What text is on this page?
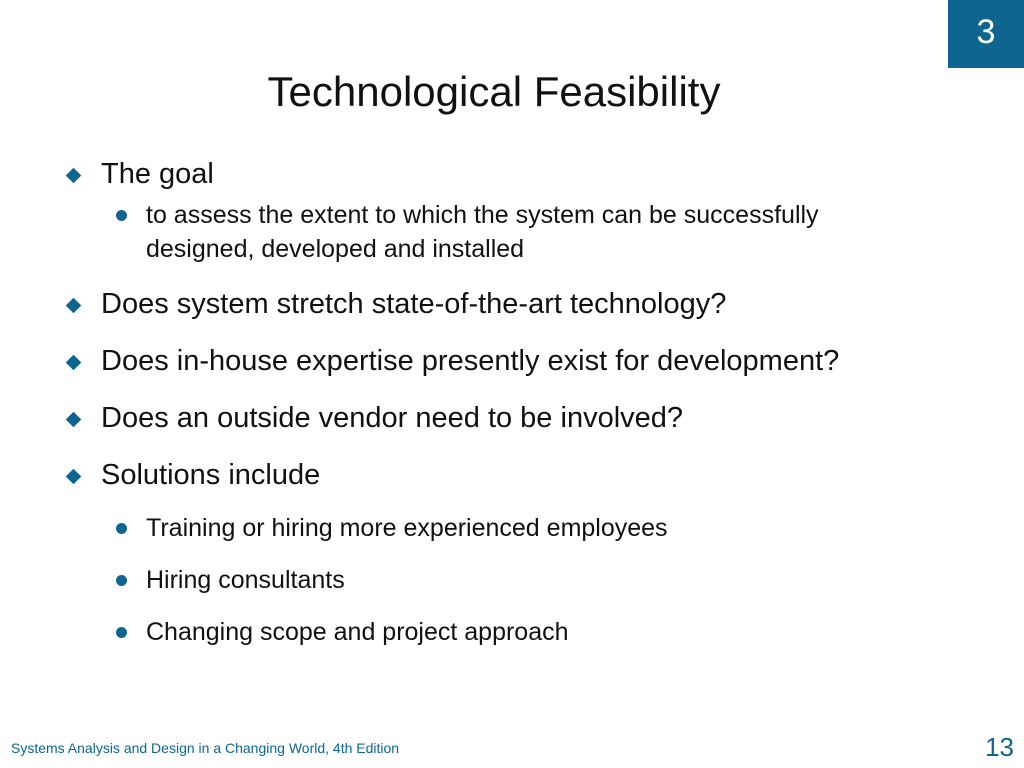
3
Technological Feasibility
The goal
to assess the extent to which the system can be successfully designed, developed and installed
Does system stretch state-of-the-art technology?
Does in-house expertise presently exist for development?
Does an outside vendor need to be involved?
Solutions include
Training or hiring more experienced employees
Hiring consultants
Changing scope and project approach
Systems Analysis and Design in a Changing World, 4th Edition	13
